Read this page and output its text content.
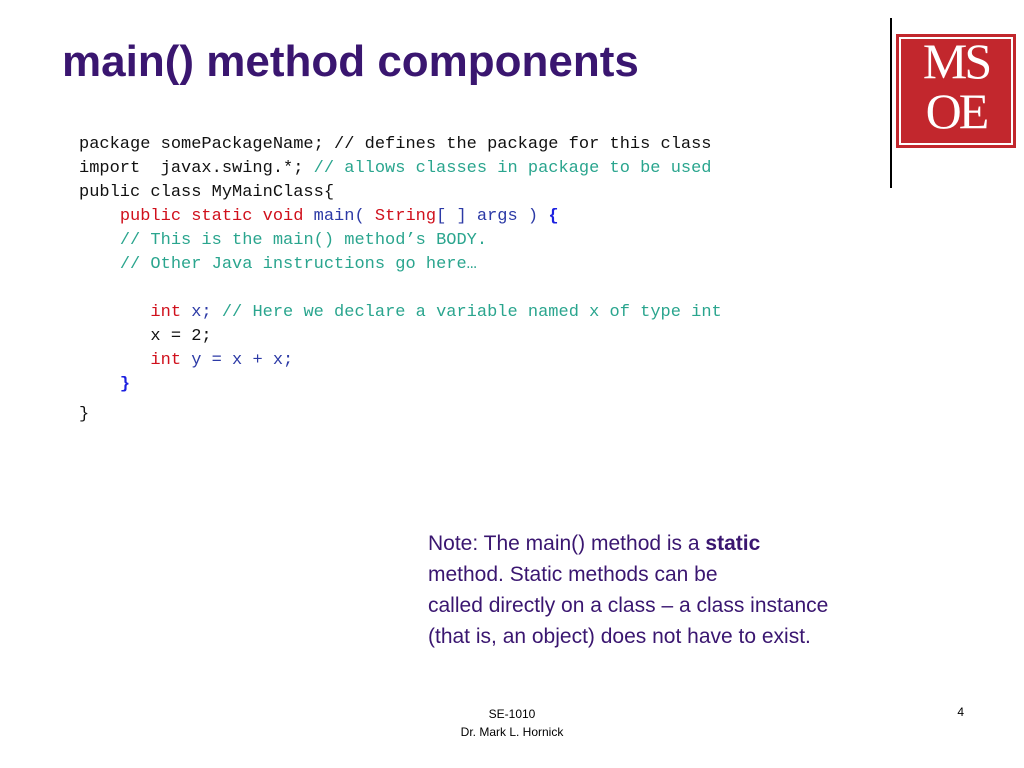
main() method components	MS
OE
package somePackageName; // defines the package for this class
import  javax.swing.*; // allows classes in package to be used
public class MyMainClass{
public static void main( String[ ] args ) {
// This is the main() method’s BODY.
// Other Java instructions go here…
int x; // Here we declare a variable named x of type int
x = 2;
int y = x + x;
}
}
Note: The main() method is a static
method. Static methods can be
called directly on a class – a class instance
(that is, an object) does not have to exist.
SE-1010
Dr. Mark L. Hornick
4
